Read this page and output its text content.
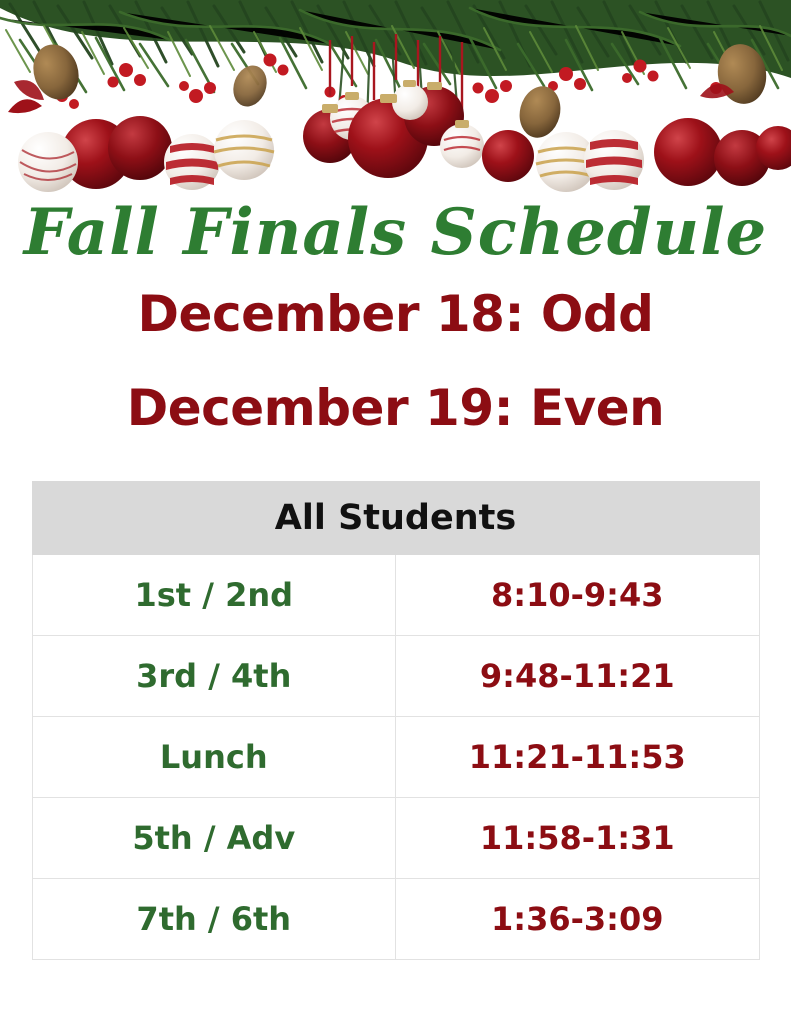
Fall Finals Schedule
December 18: Odd
December 19: Even
All Students	
1st / 2nd	8:10-9:43
3rd / 4th	9:48-11:21
Lunch	11:21-11:53
5th / Adv	11:58-1:31
7th / 6th	1:36-3:09
